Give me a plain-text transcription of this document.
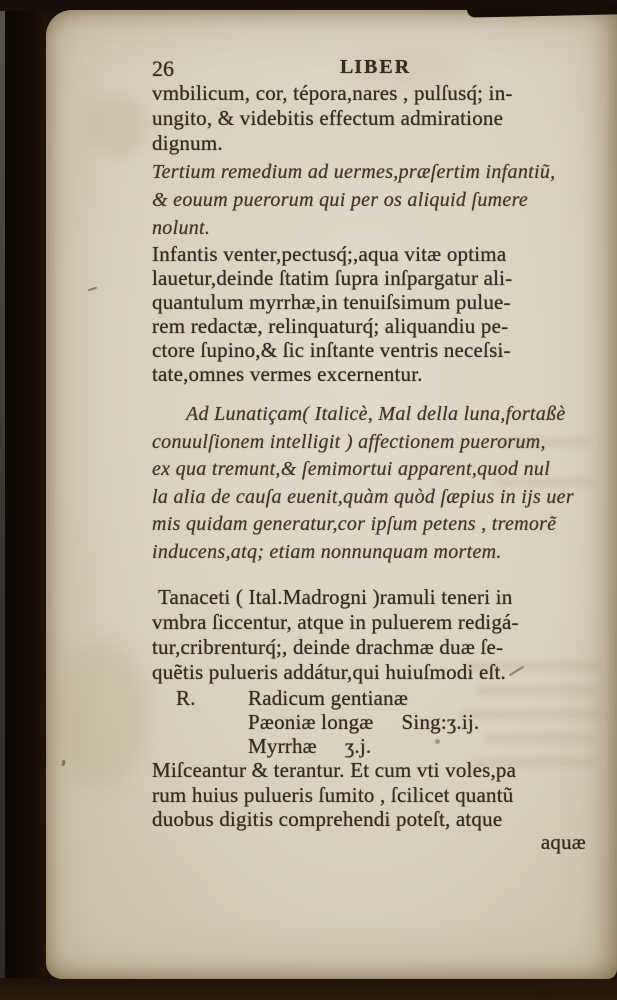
26	L I B E R
vmbilicum, cor, tépora,nares , pulſusq́; in-
ungito, & videbitis effectum admiratione
dignum.
Tertium remedium ad uermes,præſertim infantiũ,
& eouum puerorum qui per os aliquid ſumere
nolunt.
Infantis venter,pectusq́;,aqua vitæ optima
lauetur,deinde ſtatim ſupra inſpargatur ali-
quantulum myrrhæ,in tenuiſsimum pulue-
rem redactæ, relinquaturq́; aliquandiu pe-
ctore ſupino,& ſic inſtante ventris neceſsi-
tate,omnes vermes excernentur.
Ad Lunatiçam( Italicè, Mal della luna,fortaßè
conuulſionem intelligit ) affectionem puerorum,
ex qua tremunt,& ſemimortui apparent,quod nul
la alia de cauſa euenit,quàm quòd ſæpius in ijs uer
mis quidam generatur,cor ipſum petens , tremorẽ
inducens,atq; etiam nonnunquam mortem.
Tanaceti ( Ital.Madrogni )ramuli teneri in
vmbra ſiccentur, atque in puluerem redigá-
tur,cribrenturq́;, deinde drachmæ duæ ſe-
quẽtis pulueris addátur,qui huiuſmodi eſt.
R. Radicum gentianæ
Pæoniæ longæ Sing:ʒ.ij.
Myrrhæ ʒ.j.
Miſceantur & terantur. Et cum vti voles,pa
rum huius pulueris ſumito , ſcilicet quantũ
duobus digitis comprehendi poteſt, atque
aquæ
